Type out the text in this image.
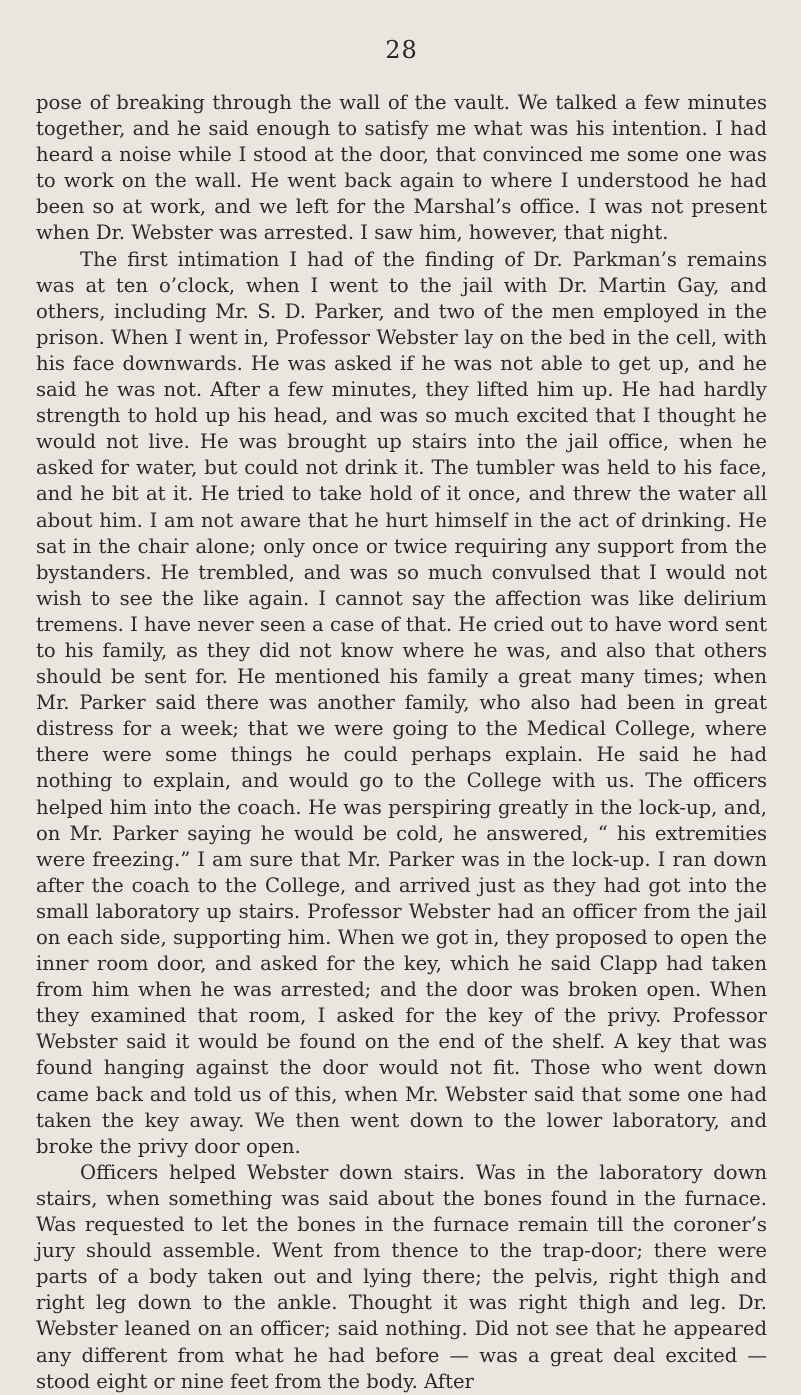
28

pose of breaking through the wall of the vault. We talked a few minutes together, and he said enough to satisfy me what was his intention. I had heard a noise while I stood at the door, that convinced me some one was to work on the wall. He went back again to where I understood he had been so at work, and we left for the Marshal’s office. I was not present when Dr. Webster was arrested. I saw him, however, that night.

The first intimation I had of the finding of Dr. Parkman’s remains was at ten o’clock, when I went to the jail with Dr. Martin Gay, and others, including Mr. S. D. Parker, and two of the men employed in the prison. When I went in, Professor Webster lay on the bed in the cell, with his face downwards. He was asked if he was not able to get up, and he said he was not. After a few minutes, they lifted him up. He had hardly strength to hold up his head, and was so much excited that I thought he would not live. He was brought up stairs into the jail office, when he asked for water, but could not drink it. The tumbler was held to his face, and he bit at it. He tried to take hold of it once, and threw the water all about him. I am not aware that he hurt himself in the act of drinking. He sat in the chair alone; only once or twice requiring any support from the bystanders. He trembled, and was so much convulsed that I would not wish to see the like again. I cannot say the affection was like delirium tremens. I have never seen a case of that. He cried out to have word sent to his family, as they did not know where he was, and also that others should be sent for. He mentioned his family a great many times; when Mr. Parker said there was another family, who also had been in great distress for a week; that we were going to the Medical College, where there were some things he could perhaps explain. He said he had nothing to explain, and would go to the College with us. The officers helped him into the coach. He was perspiring greatly in the lock-up, and, on Mr. Parker saying he would be cold, he answered, “ his extremities were freezing.” I am sure that Mr. Parker was in the lock-up. I ran down after the coach to the College, and arrived just as they had got into the small laboratory up stairs. Professor Webster had an officer from the jail on each side, supporting him. When we got in, they proposed to open the inner room door, and asked for the key, which he said Clapp had taken from him when he was arrested; and the door was broken open. When they examined that room, I asked for the key of the privy. Professor Webster said it would be found on the end of the shelf. A key that was found hanging against the door would not fit. Those who went down came back and told us of this, when Mr. Webster said that some one had taken the key away. We then went down to the lower laboratory, and broke the privy door open.

Officers helped Webster down stairs. Was in the laboratory down stairs, when something was said about the bones found in the furnace. Was requested to let the bones in the furnace remain till the coroner’s jury should assemble. Went from thence to the trap-door; there were parts of a body taken out and lying there; the pelvis, right thigh and right leg down to the ankle. Thought it was right thigh and leg. Dr. Webster leaned on an officer; said nothing. Did not see that he appeared any different from what he had before — was a great deal excited — stood eight or nine feet from the body. After
